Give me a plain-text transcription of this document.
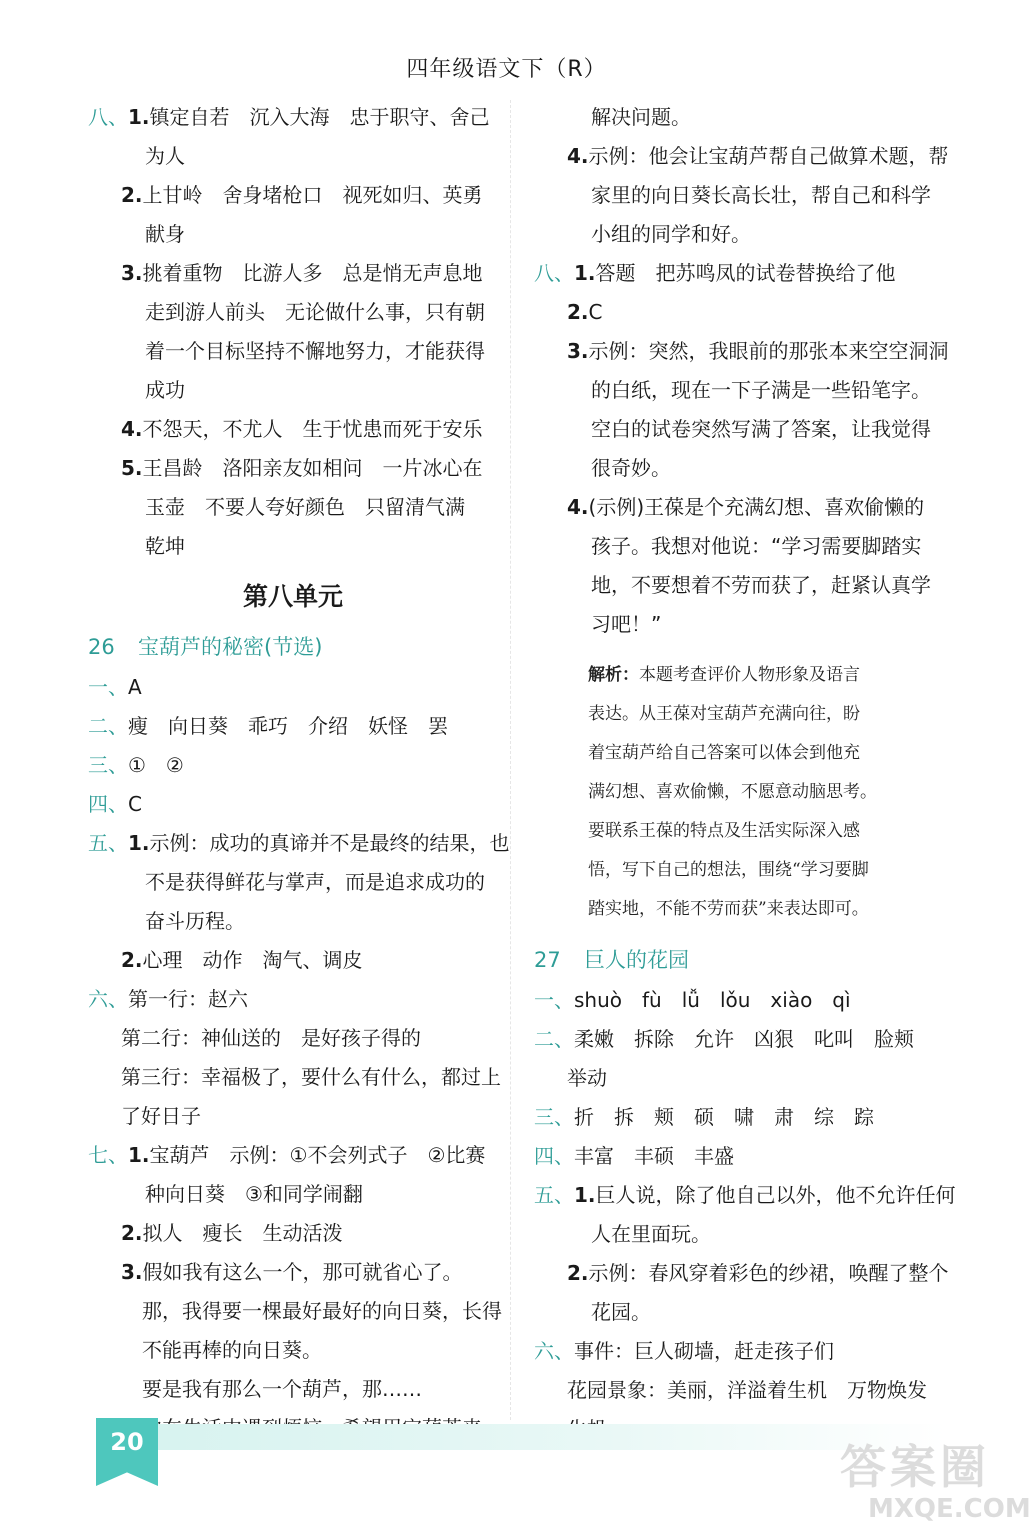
四年级语文下（R）
八、1.镇定自若　沉入大海　忠于职守、舍己
为人
2.上甘岭　舍身堵枪口　视死如归、英勇
献身
3.挑着重物　比游人多　总是悄无声息地
走到游人前头　无论做什么事，只有朝
着一个目标坚持不懈地努力，才能获得
成功
4.不怨天，不尤人　生于忧患而死于安乐
5.王昌龄　洛阳亲友如相问　一片冰心在
玉壶　不要人夸好颜色　只留清气满
乾坤
第八单元
26 宝葫芦的秘密(节选)
一、A
二、瘦　向日葵　乖巧　介绍　妖怪　罢
三、①　②
四、C
五、1.示例：成功的真谛并不是最终的结果，也
不是获得鲜花与掌声，而是追求成功的
奋斗历程。
2.心理　动作　淘气、调皮
六、第一行：赵六
第二行：神仙送的　是好孩子得的
第三行：幸福极了，要什么有什么，都过上
了好日子
七、1.宝葫芦　示例：①不会列式子　②比赛
种向日葵　③和同学闹翻
2.拟人　瘦长　生动活泼
3.假如我有这么一个，那可就省心了。
那，我得要一棵最好最好的向日葵，长得
不能再棒的向日葵。
要是我有那么一个葫芦，那……
解决问题。
4.示例：他会让宝葫芦帮自己做算术题，帮
家里的向日葵长高长壮，帮自己和科学
小组的同学和好。
八、1.答题　把苏鸣凤的试卷替换给了他
2.C
3.示例：突然，我眼前的那张本来空空洞洞
的白纸，现在一下子满是一些铅笔字。
空白的试卷突然写满了答案，让我觉得
很奇妙。
4.(示例)王葆是个充满幻想、喜欢偷懒的
孩子。我想对他说：“学习需要脚踏实
地，不要想着不劳而获了，赶紧认真学
习吧！”
解析：本题考查评价人物形象及语言
表达。从王葆对宝葫芦充满向往，盼
着宝葫芦给自己答案可以体会到他充
满幻想、喜欢偷懒，不愿意动脑思考。
要联系王葆的特点及生活实际深入感
悟，写下自己的想法，围绕“学习要脚
踏实地，不能不劳而获”来表达即可。
27 巨人的花园
一、shuò　fù　lǚ　lǒu　xiào　qì
二、柔嫩　拆除　允许　凶狠　叱叫　脸颊
举动
三、折　拆　颊　硕　啸　肃　综　踪
四、丰富　丰硕　丰盛
五、1.巨人说，除了他自己以外，他不允许任何
人在里面玩。
2.示例：春风穿着彩色的纱裙，唤醒了整个
花园。
六、事件：巨人砌墙，赶走孩子们
花园景象：美丽，洋溢着生机　万物焕发
20	答案圈
MXQE.COM
